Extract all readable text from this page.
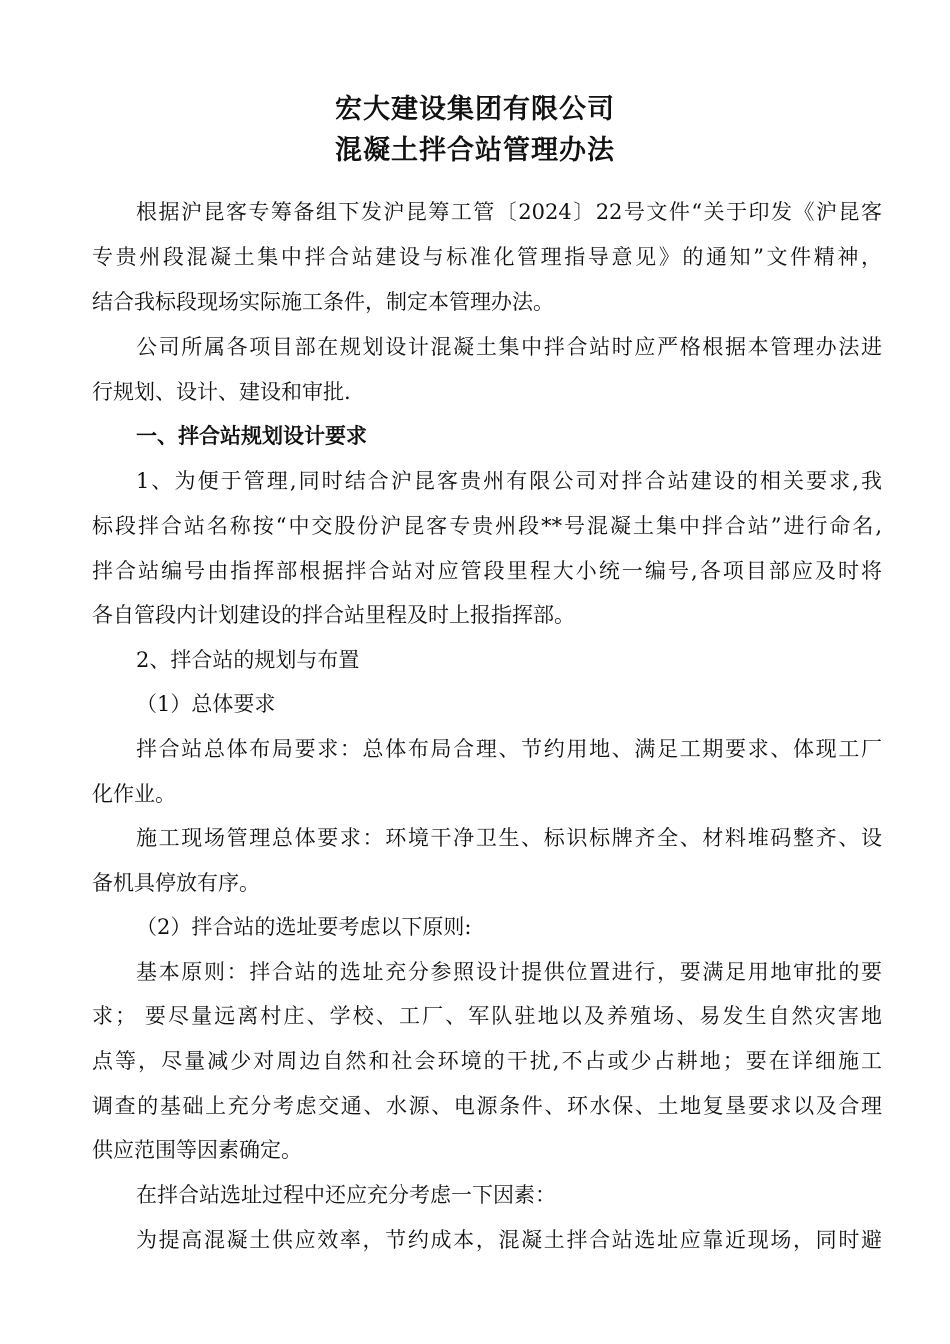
宏大建设集团有限公司
混凝土拌合站管理办法
根据沪昆客专筹备组下发沪昆筹工管〔2024〕22号文件“关于印发《沪昆客
专贵州段混凝土集中拌合站建设与标准化管理指导意见》的通知”文件精神，
结合我标段现场实际施工条件，制定本管理办法。
公司所属各项目部在规划设计混凝土集中拌合站时应严格根据本管理办法进
行规划、设计、建设和审批.
一、拌合站规划设计要求
1、为便于管理,同时结合沪昆客贵州有限公司对拌合站建设的相关要求,我
标段拌合站名称按“中交股份沪昆客专贵州段**号混凝土集中拌合站”进行命名,
拌合站编号由指挥部根据拌合站对应管段里程大小统一编号,各项目部应及时将
各自管段内计划建设的拌合站里程及时上报指挥部。
2、拌合站的规划与布置
（1）总体要求
拌合站总体布局要求：总体布局合理、节约用地、满足工期要求、体现工厂
化作业。
施工现场管理总体要求：环境干净卫生、标识标牌齐全、材料堆码整齐、设
备机具停放有序。
（2）拌合站的选址要考虑以下原则:
基本原则：拌合站的选址充分参照设计提供位置进行，要满足用地审批的要
求； 要尽量远离村庄、学校、工厂、军队驻地以及养殖场、易发生自然灾害地
点等，尽量减少对周边自然和社会环境的干扰,不占或少占耕地；要在详细施工
调查的基础上充分考虑交通、水源、电源条件、环水保、土地复垦要求以及合理
供应范围等因素确定。
在拌合站选址过程中还应充分考虑一下因素：
为提高混凝土供应效率，节约成本，混凝土拌合站选址应靠近现场，同时避
